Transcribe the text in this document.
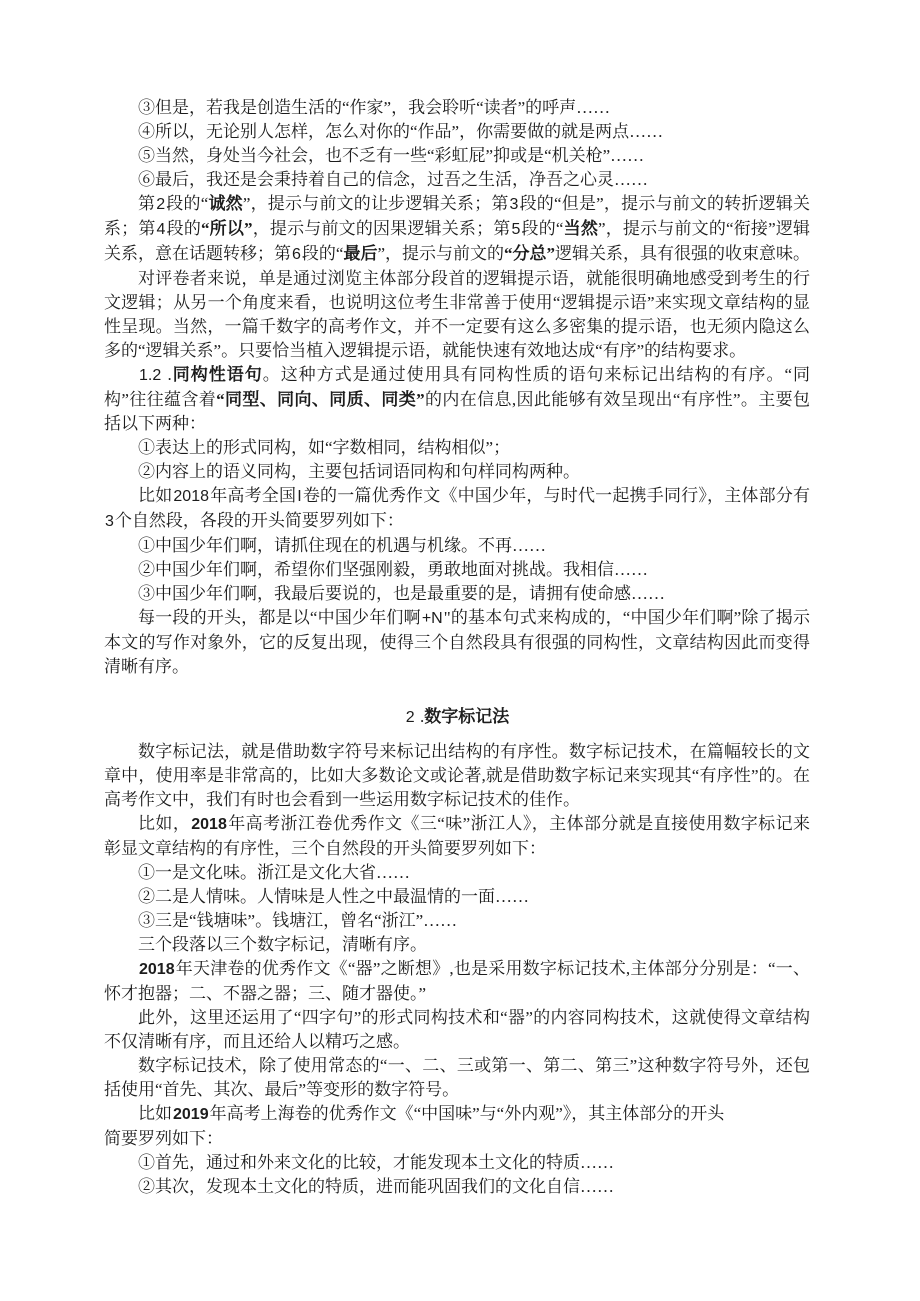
③但是，若我是创造生活的“作家”，我会聆听“读者”的呼声……

④所以，无论别人怎样，怎么对你的“作品”，你需要做的就是两点……

⑤当然，身处当今社会，也不乏有一些“彩虹屁”抑或是“机关枪”……

⑥最后，我还是会秉持着自己的信念，过吾之生活，净吾之心灵……

第2段的“诚然”，提示与前文的让步逻辑关系；第3段的“但是”，提示与前文的转折逻辑关系；第4段的“所以”，提示与前文的因果逻辑关系；第5段的“当然”，提示与前文的“衔接”逻辑关系，意在话题转移；第6段的“最后”，提示与前文的“分总”逻辑关系，具有很强的收束意味。

对评卷者来说，单是通过浏览主体部分段首的逻辑提示语，就能很明确地感受到考生的行文逻辑；从另一个角度来看，也说明这位考生非常善于使用“逻辑提示语”来实现文章结构的显性呈现。当然，一篇千数字的高考作文，并不一定要有这么多密集的提示语，也无须内隐这么多的“逻辑关系”。只要恰当植入逻辑提示语，就能快速有效地达成“有序”的结构要求。

1.2 .同构性语句。这种方式是通过使用具有同构性质的语句来标记出结构的有序。“同构”往往蕴含着“同型、同向、同质、同类”的内在信息,因此能够有效呈现出“有序性”。主要包括以下两种：

①表达上的形式同构，如“字数相同，结构相似”；

②内容上的语义同构，主要包括词语同构和句样同构两种。

比如2018年高考全国I卷的一篇优秀作文《中国少年，与时代一起携手同行》，主体部分有3个自然段，各段的开头简要罗列如下：

①中国少年们啊，请抓住现在的机遇与机缘。不再……

②中国少年们啊，希望你们坚强刚毅，勇敢地面对挑战。我相信……

③中国少年们啊，我最后要说的，也是最重要的是，请拥有使命感……

每一段的开头，都是以“中国少年们啊+N"的基本句式来构成的，“中国少年们啊”除了揭示本文的写作对象外，它的反复出现，使得三个自然段具有很强的同构性，文章结构因此而变得清晰有序。

2 .数字标记法

数字标记法，就是借助数字符号来标记出结构的有序性。数字标记技术，在篇幅较长的文章中，使用率是非常高的，比如大多数论文或论著,就是借助数字标记来实现其“有序性”的。在高考作文中，我们有时也会看到一些运用数字标记技术的佳作。

比如，2018年高考浙江卷优秀作文《三“味”浙江人》，主体部分就是直接使用数字标记来彰显文章结构的有序性，三个自然段的开头简要罗列如下：

①一是文化味。浙江是文化大省……

②二是人情味。人情味是人性之中最温情的一面……

③三是“钱塘味”。钱塘江，曾名“浙江”……

三个段落以三个数字标记，清晰有序。

2018年天津卷的优秀作文《“器”之断想》,也是采用数字标记技术,主体部分分别是：“一、怀才抱器；二、不器之器；三、随才器使。”

此外，这里还运用了“四字句”的形式同构技术和“器”的内容同构技术，这就使得文章结构不仅清晰有序，而且还给人以精巧之感。

数字标记技术，除了使用常态的“一、二、三或第一、第二、第三”这种数字符号外，还包括使用“首先、其次、最后”等变形的数字符号。

比如2019年高考上海卷的优秀作文《“中国味”与“外内观”》，其主体部分的开头

简要罗列如下：

①首先，通过和外来文化的比较，才能发现本土文化的特质……

②其次，发现本土文化的特质，进而能巩固我们的文化自信……
